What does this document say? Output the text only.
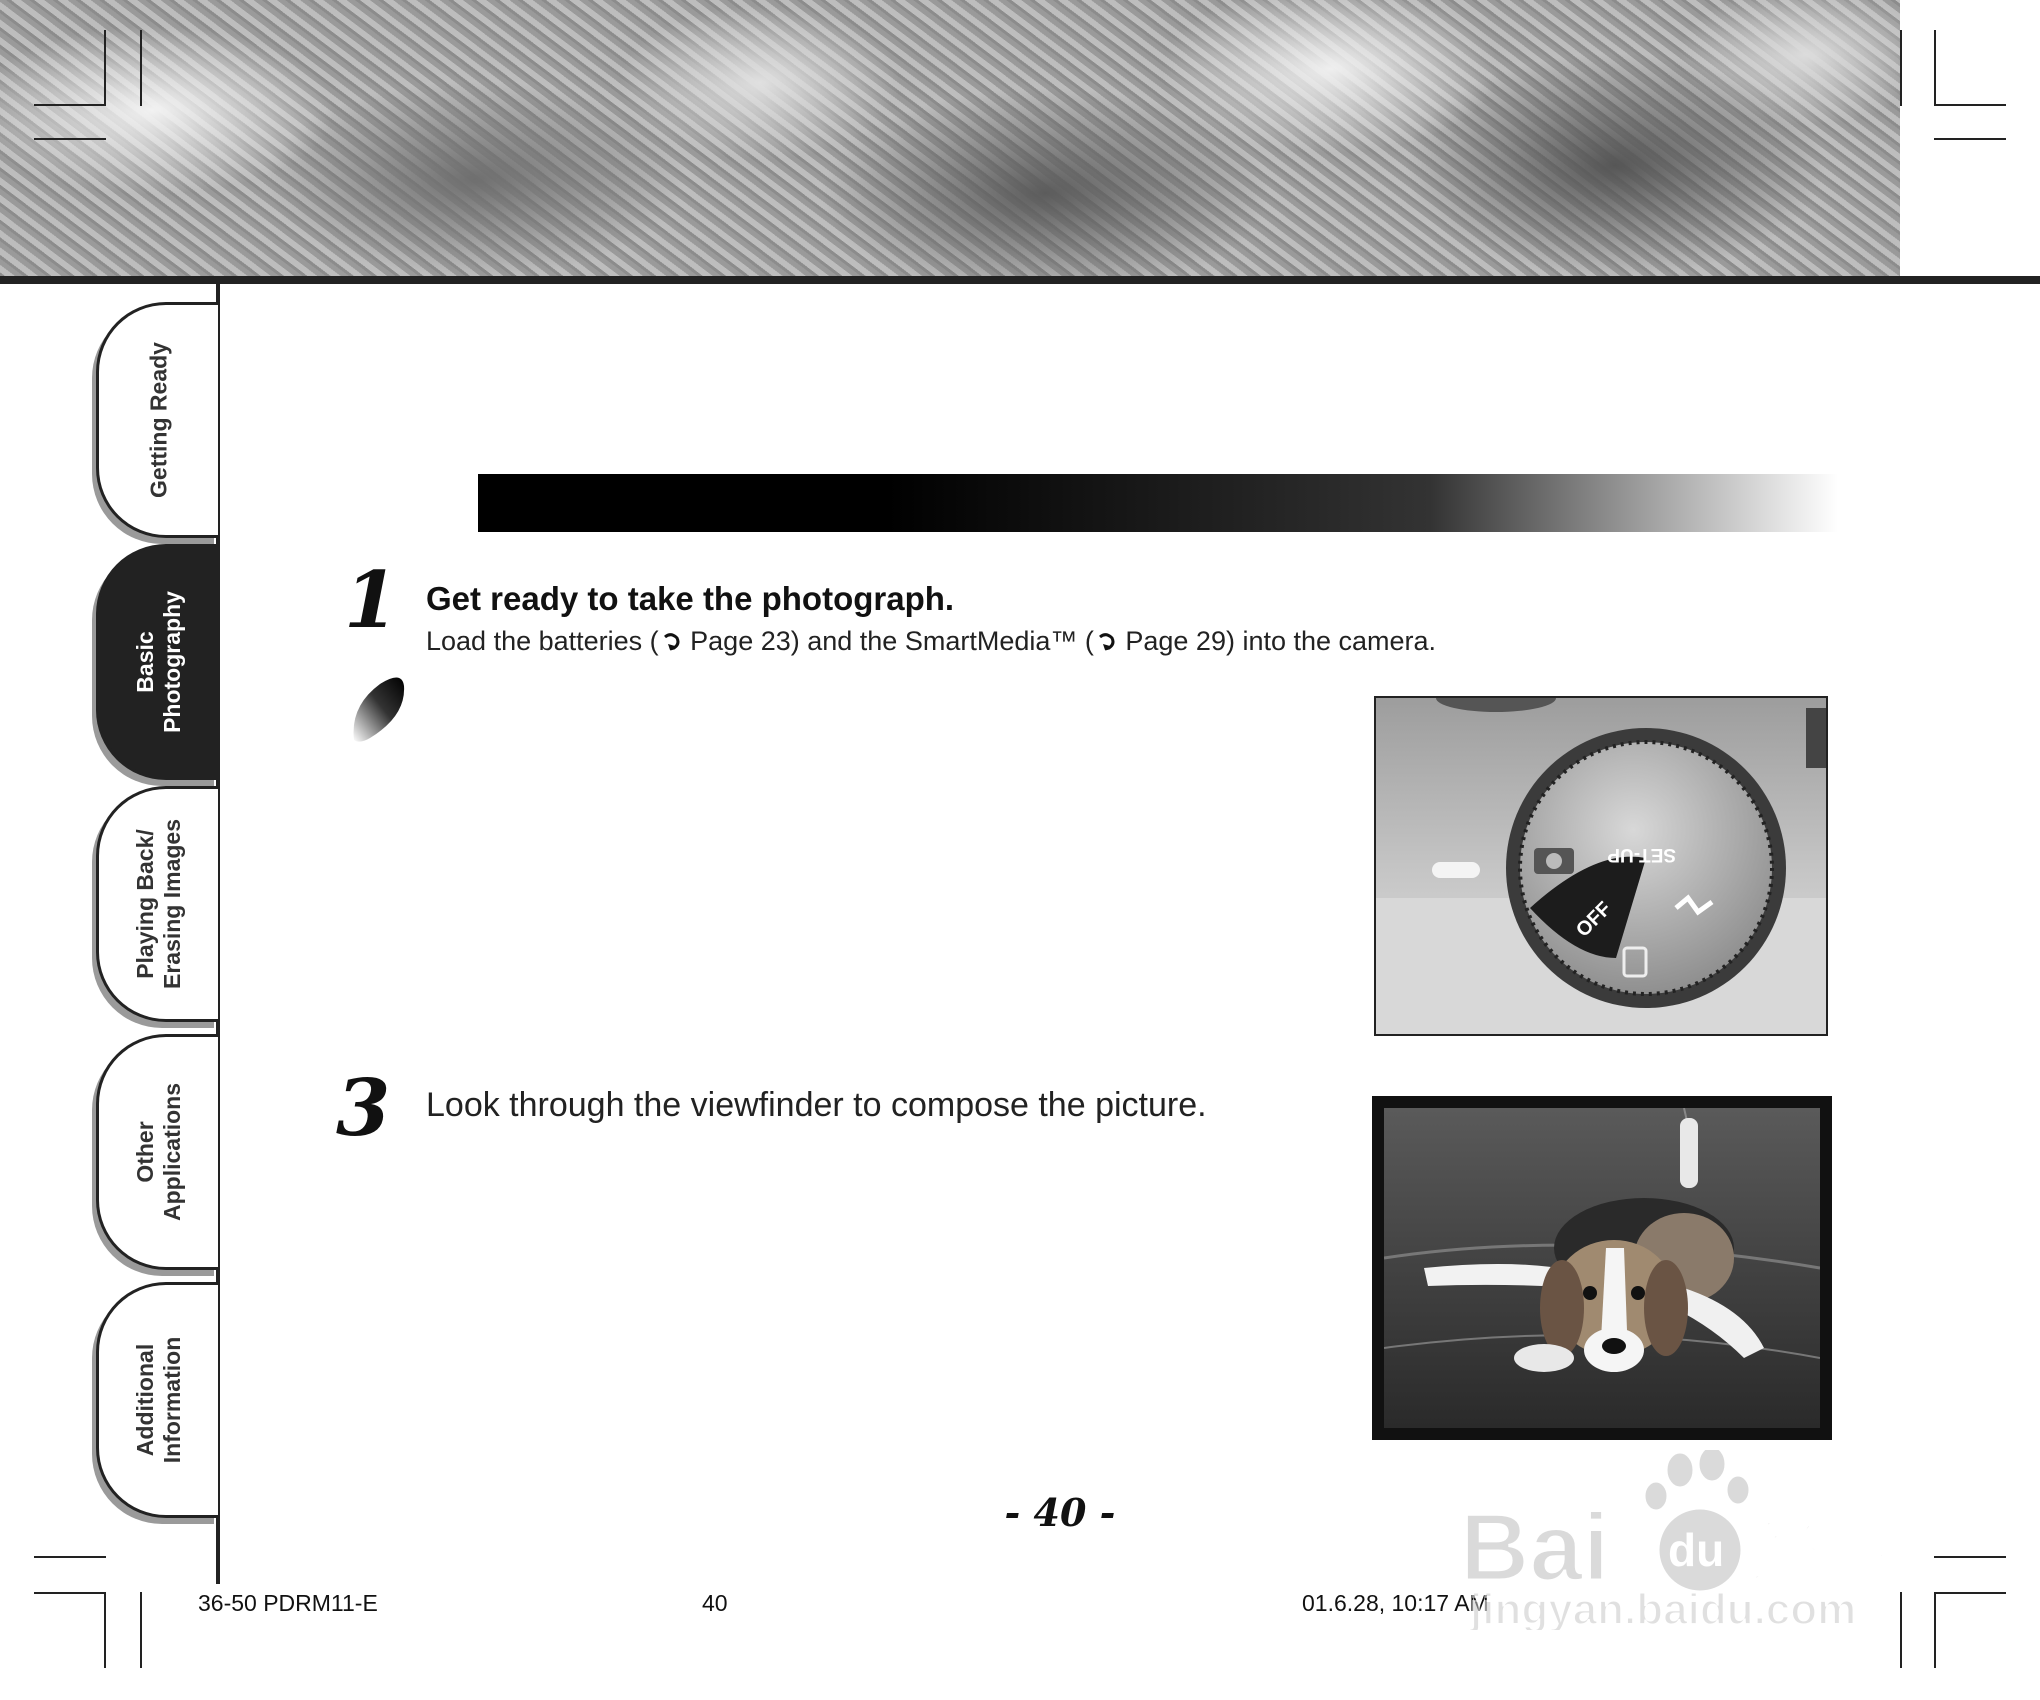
Getting Ready
Basic Photography
Playing Back/ Erasing Images
Other Applications
Additional Information
1 Get ready to take the photograph.
Load the batteries ( Page 23) and the SmartMedia™ ( Page 29) into the camera.
OFF
SET-UP
3 Look through the viewfinder to compose the picture.
- 40 -
36-50 PDRM11-E	40	01.6.28, 10:17 AM
Bai du 经验
jingyan.baidu.com
